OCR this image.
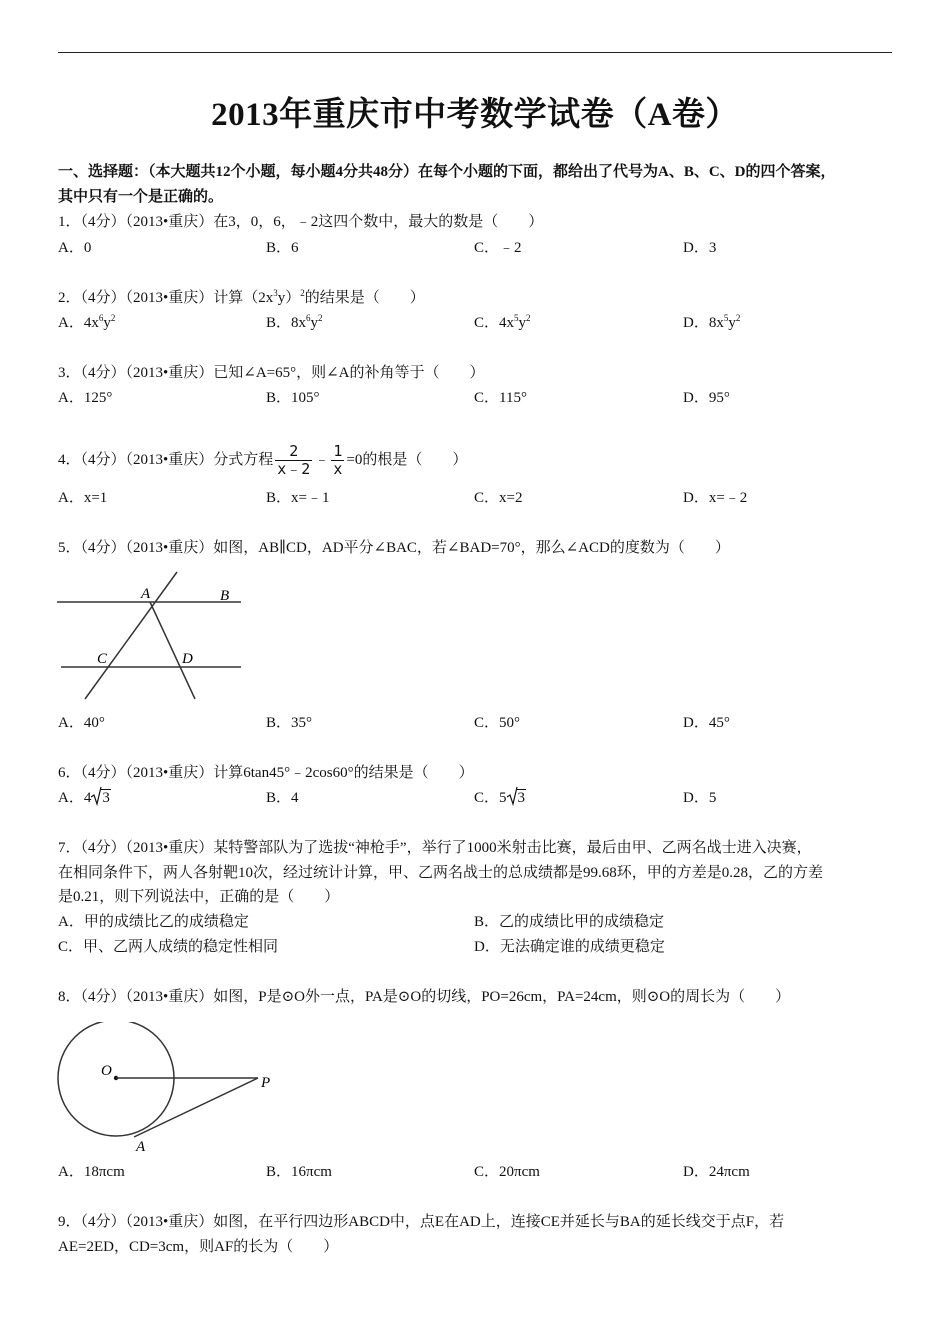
2013年重庆市中考数学试卷（A卷）
一、选择题：（本大题共12个小题，每小题4分共48分）在每个小题的下面，都给出了代号为A、B、C、D的四个答案，
其中只有一个是正确的。
1．（4分）（2013•重庆）在3，0，6，﹣2这四个数中，最大的数是（　　）
A．0	B．6	C．﹣2	D．3
2．（4分）（2013•重庆）计算$(2x^3y)^2$的结果是（　　）
A．$4x^6y^2$	B．$8x^6y^2$	C．$4x^5y^2$	D．$8x^5y^2$
3．（4分）（2013•重庆）已知∠A=65°，则∠A的补角等于（　　）
A．125°	B．105°	C．115°	D．95°
4．（4分）（2013•重庆）分式方程 $\frac{2}{x﹣2}$ ﹣ $\frac{1}{x} =0$的根是（　　）
A．x=1	B．x=﹣1	C．x=2	D．x=﹣2
5．（4分）（2013•重庆）如图，AB∥CD，AD平分∠BAC，若∠BAD=70°，那么∠ACD的度数为（　　）
A	B
C	D
A．40°	B．35°	C．50°	D．45°
6．（4分）（2013•重庆）计算6tan45°﹣2cos60°的结果是（　　）
A．4 3	B．4	C．5 3	D．5
7．（4分）（2013•重庆）某特警部队为了选拔“神枪手”，举行了1000米射击比赛，最后由甲、乙两名战士进入决赛，
在相同条件下，两人各射靶10次，经过统计计算，甲、乙两名战士的总成绩都是99.68环，甲的方差是0.28，乙的方差
是0.21，则下列说法中，正确的是（　　）
A．甲的成绩比乙的成绩稳定	B．乙的成绩比甲的成绩稳定
C．甲、乙两人成绩的稳定性相同	D．无法确定谁的成绩更稳定
8．（4分）（2013•重庆）如图，P是⊙O外一点，PA是⊙O的切线，PO=26cm，PA=24cm，则⊙O的周长为（　　）
O
P
A
A．18πcm	B．16πcm	C．20πcm	D．24πcm
9．（4分）（2013•重庆）如图，在平行四边形ABCD中，点E在AD上，连接CE并延长与BA的延长线交于点F，若
AE=2ED，CD=3cm，则AF的长为（　　）
